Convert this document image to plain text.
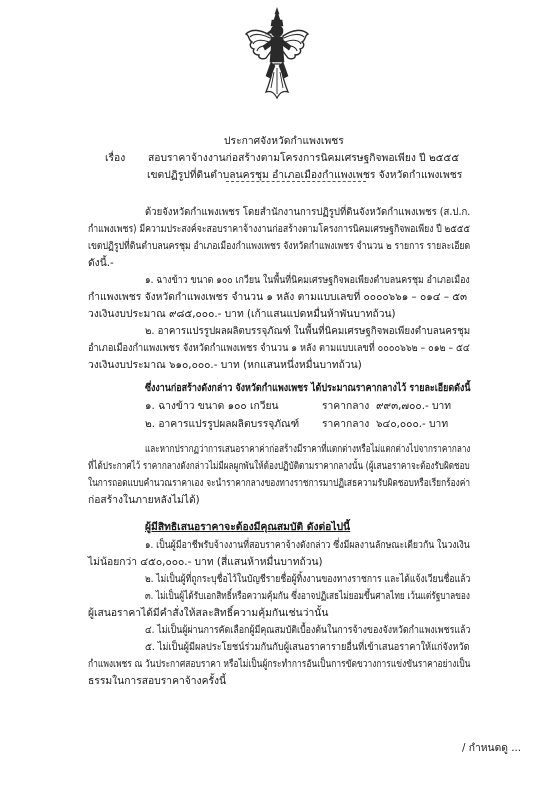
ประกาศจังหวัดกำแพงเพชร
เรื่อง สอบราคาจ้างงานก่อสร้างตามโครงการนิคมเศรษฐกิจพอเพียง ปี ๒๕๕๕
เขตปฏิรูปที่ดินตำบลนครชุม อำเภอเมืองกำแพงเพชร จังหวัดกำแพงเพชร
ด้วยจังหวัดกำแพงเพชร โดยสำนักงานการปฏิรูปที่ดินจังหวัดกำแพงเพชร (ส.ป.ก.
กำแพงเพชร) มีความประสงค์จะสอบราคาจ้างงานก่อสร้างตามโครงการนิคมเศรษฐกิจพอเพียง ปี ๒๕๕๕
เขตปฏิรูปที่ดินตำบลนครชุม อำเภอเมืองกำแพงเพชร จังหวัดกำแพงเพชร จำนวน ๒ รายการ รายละเอียด
ดังนี้.-
๑. ฉางข้าว ขนาด ๑๐๐ เกวียน ในพื้นที่นิคมเศรษฐกิจพอเพียงตำบลนครชุม อำเภอเมือง
กำแพงเพชร จังหวัดกำแพงเพชร จำนวน ๑ หลัง ตามแบบเลขที่ ๐๐๐๐๖๖๑ – ๐๑๔ – ๕๓
วงเงินงบประมาณ ๙๘๕,๐๐๐.- บาท (เก้าแสนแปดหมื่นห้าพันบาทถ้วน)
๒. อาคารแปรรูปผลผลิตบรรจุภัณฑ์ ในพื้นที่นิคมเศรษฐกิจพอเพียงตำบลนครชุม
อำเภอเมืองกำแพงเพชร จังหวัดกำแพงเพชร จำนวน ๑ หลัง ตามแบบเลขที่ ๐๐๐๐๖๖๒ – ๐๑๒ – ๕๔
วงเงินงบประมาณ ๖๑๐,๐๐๐.- บาท (หกแสนหนึ่งหมื่นบาทถ้วน)
ซึ่งงานก่อสร้างดังกล่าว จังหวัดกำแพงเพชร ได้ประมาณราคากลางไว้ รายละเอียดดังนี้
๑. ฉางข้าว ขนาด ๑๐๐ เกวียน	ราคากลาง ๙๙๓,๗๐๐.- บาท
๒. อาคารแปรรูปผลผลิตบรรจุภัณฑ์ ราคากลาง ๖๔๐,๐๐๐.- บาท
และหากปรากฏว่าการเสนอราคาค่าก่อสร้างมีราคาที่แตกต่างหรือไม่แตกต่างไปจากราคากลาง
ที่ได้ประกาศไว้ ราคากลางดังกล่าวไม่มีผลผูกพันให้ต้องปฏิบัติตามราคากลางนั้น (ผู้เสนอราคาจะต้องรับผิดชอบ
ในการถอดแบบคำนวณราคาเอง จะนำราคากลางของทางราชการมาปฏิเสธความรับผิดชอบหรือเรียกร้องค่า
ก่อสร้างในภายหลังไม่ได้)
ผู้มีสิทธิเสนอราคาจะต้องมีคุณสมบัติ ดังต่อไปนี้
๑. เป็นผู้มีอาชีพรับจ้างงานที่สอบราคาจ้างดังกล่าว ซึ่งมีผลงานลักษณะเดียวกัน ในวงเงิน
ไม่น้อยกว่า ๔๕๐,๐๐๐.- บาท (สี่แสนห้าหมื่นบาทถ้วน)
๒. ไม่เป็นผู้ที่ถูกระบุชื่อไว้ในบัญชีรายชื่อผู้ทิ้งงานของทางราชการ และได้แจ้งเวียนชื่อแล้ว
๓. ไม่เป็นผู้ได้รับเอกสิทธิ์หรือความคุ้มกัน ซึ่งอาจปฏิเสธไม่ยอมขึ้นศาลไทย เว้นแต่รัฐบาลของ
ผู้เสนอราคาได้มีคำสั่งให้สละสิทธิ์ความคุ้มกันเช่นว่านั้น
๔. ไม่เป็นผู้ผ่านการคัดเลือกผู้มีคุณสมบัติเบื้องต้นในการจ้างของจังหวัดกำแพงเพชรแล้ว
๕. ไม่เป็นผู้มีผลประโยชน์ร่วมกันกับผู้เสนอราคารายอื่นที่เข้าเสนอราคาให้แก่จังหวัด
กำแพงเพชร ณ วันประกาศสอบราคา หรือไม่เป็นผู้กระทำการอันเป็นการขัดขวางการแข่งขันราคาอย่างเป็น
ธรรมในการสอบราคาจ้างครั้งนี้
/ กำหนดดู ...
